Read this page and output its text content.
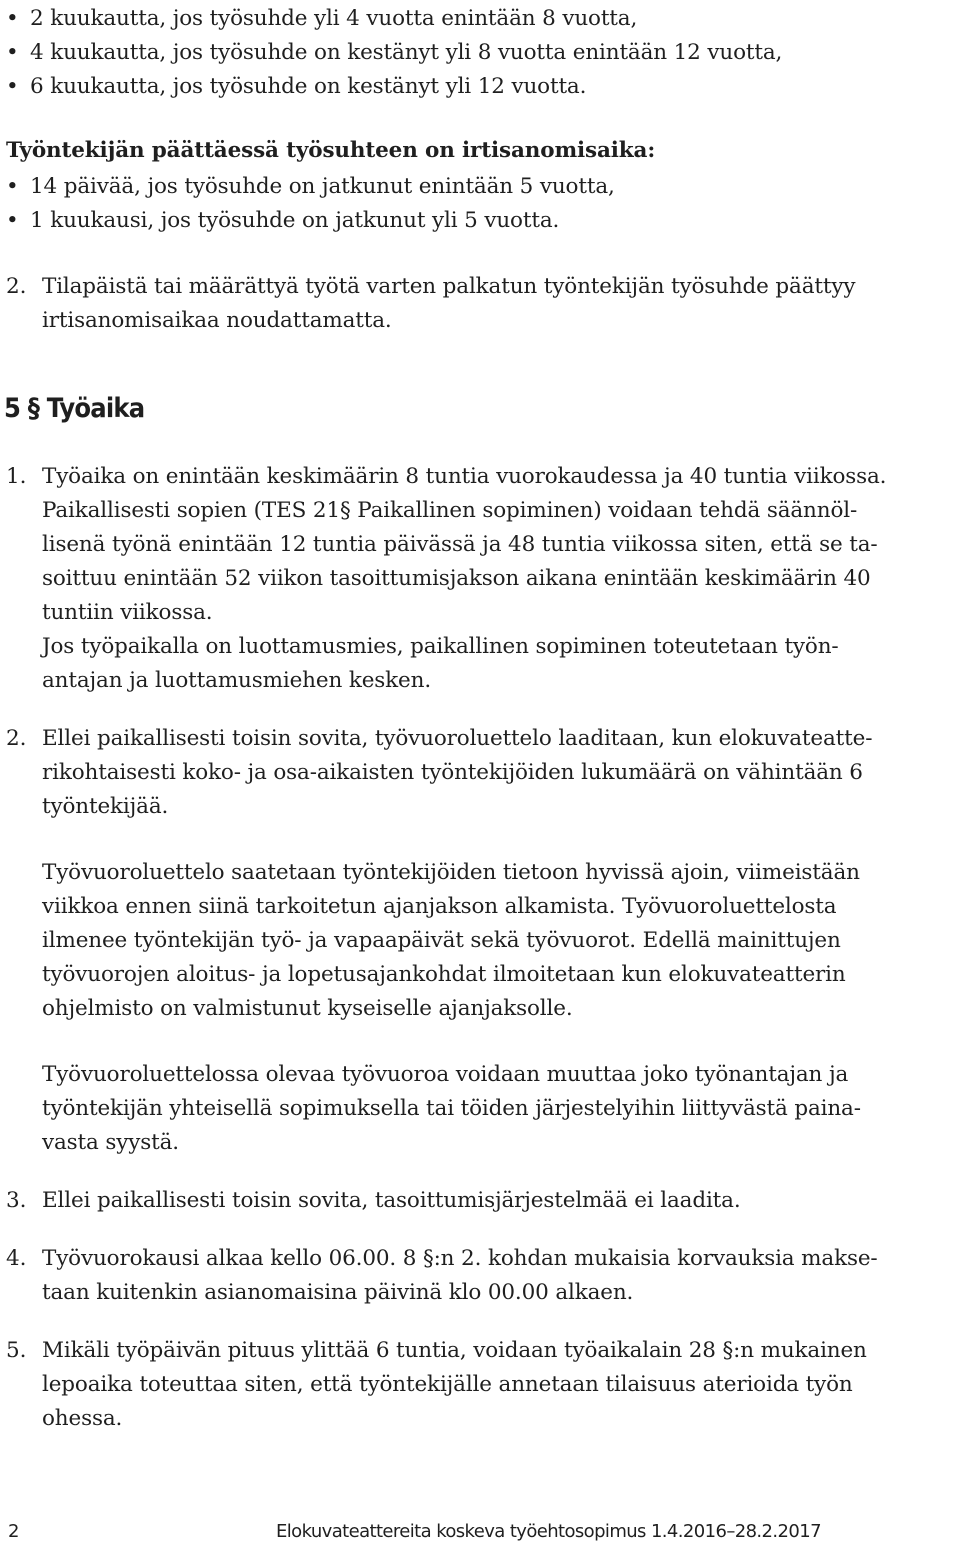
• 2 kuukautta, jos työsuhde yli 4 vuotta enintään 8 vuotta,
• 4 kuukautta, jos työsuhde on kestänyt yli 8 vuotta enintään 12 vuotta,
• 6 kuukautta, jos työsuhde on kestänyt yli 12 vuotta.
Työntekijän päättäessä työsuhteen on irtisanomisaika:
• 14 päivää, jos työsuhde on jatkunut enintään 5 vuotta,
• 1 kuukausi, jos työsuhde on jatkunut yli 5 vuotta.
2. Tilapäistä tai määrättyä työtä varten palkatun työntekijän työsuhde päättyy
irtisanomisaikaa noudattamatta.
5 § Työaika
1. Työaika on enintään keskimäärin 8 tuntia vuorokaudessa ja 40 tuntia viikossa.
Paikallisesti sopien (TES 21§ Paikallinen sopiminen) voidaan tehdä säännöl-
lisenä työnä enintään 12 tuntia päivässä ja 48 tuntia viikossa siten, että se ta-
soittuu enintään 52 viikon tasoittumisjakson aikana enintään keskimäärin 40
tuntiin viikossa.
Jos työpaikalla on luottamusmies, paikallinen sopiminen toteutetaan työn-
antajan ja luottamusmiehen kesken.
2. Ellei paikallisesti toisin sovita, työvuoroluettelo laaditaan, kun elokuvateatte-
rikohtaisesti koko- ja osa-aikaisten työntekijöiden lukumäärä on vähintään 6
työntekijää.
Työvuoroluettelo saatetaan työntekijöiden tietoon hyvissä ajoin, viimeistään
viikkoa ennen siinä tarkoitetun ajanjakson alkamista. Työvuoroluettelosta
ilmenee työntekijän työ- ja vapaapäivät sekä työvuorot. Edellä mainittujen
työvuorojen aloitus- ja lopetusajankohdat ilmoitetaan kun elokuvateatterin
ohjelmisto on valmistunut kyseiselle ajanjaksolle.
Työvuoroluettelossa olevaa työvuoroa voidaan muuttaa joko työnantajan ja
työntekijän yhteisellä sopimuksella tai töiden järjestelyihin liittyvästä paina-
vasta syystä.
3. Ellei paikallisesti toisin sovita, tasoittumisjärjestelmää ei laadita.
4. Työvuorokausi alkaa kello 06.00. 8 §:n 2. kohdan mukaisia korvauksia makse-
taan kuitenkin asianomaisina päivinä klo 00.00 alkaen.
5. Mikäli työpäivän pituus ylittää 6 tuntia, voidaan työaikalain 28 §:n mukainen
lepoaika toteuttaa siten, että työntekijälle annetaan tilaisuus aterioida työn
ohessa.
2	Elokuvateattereita koskeva työehtosopimus 1.4.2016–28.2.2017
